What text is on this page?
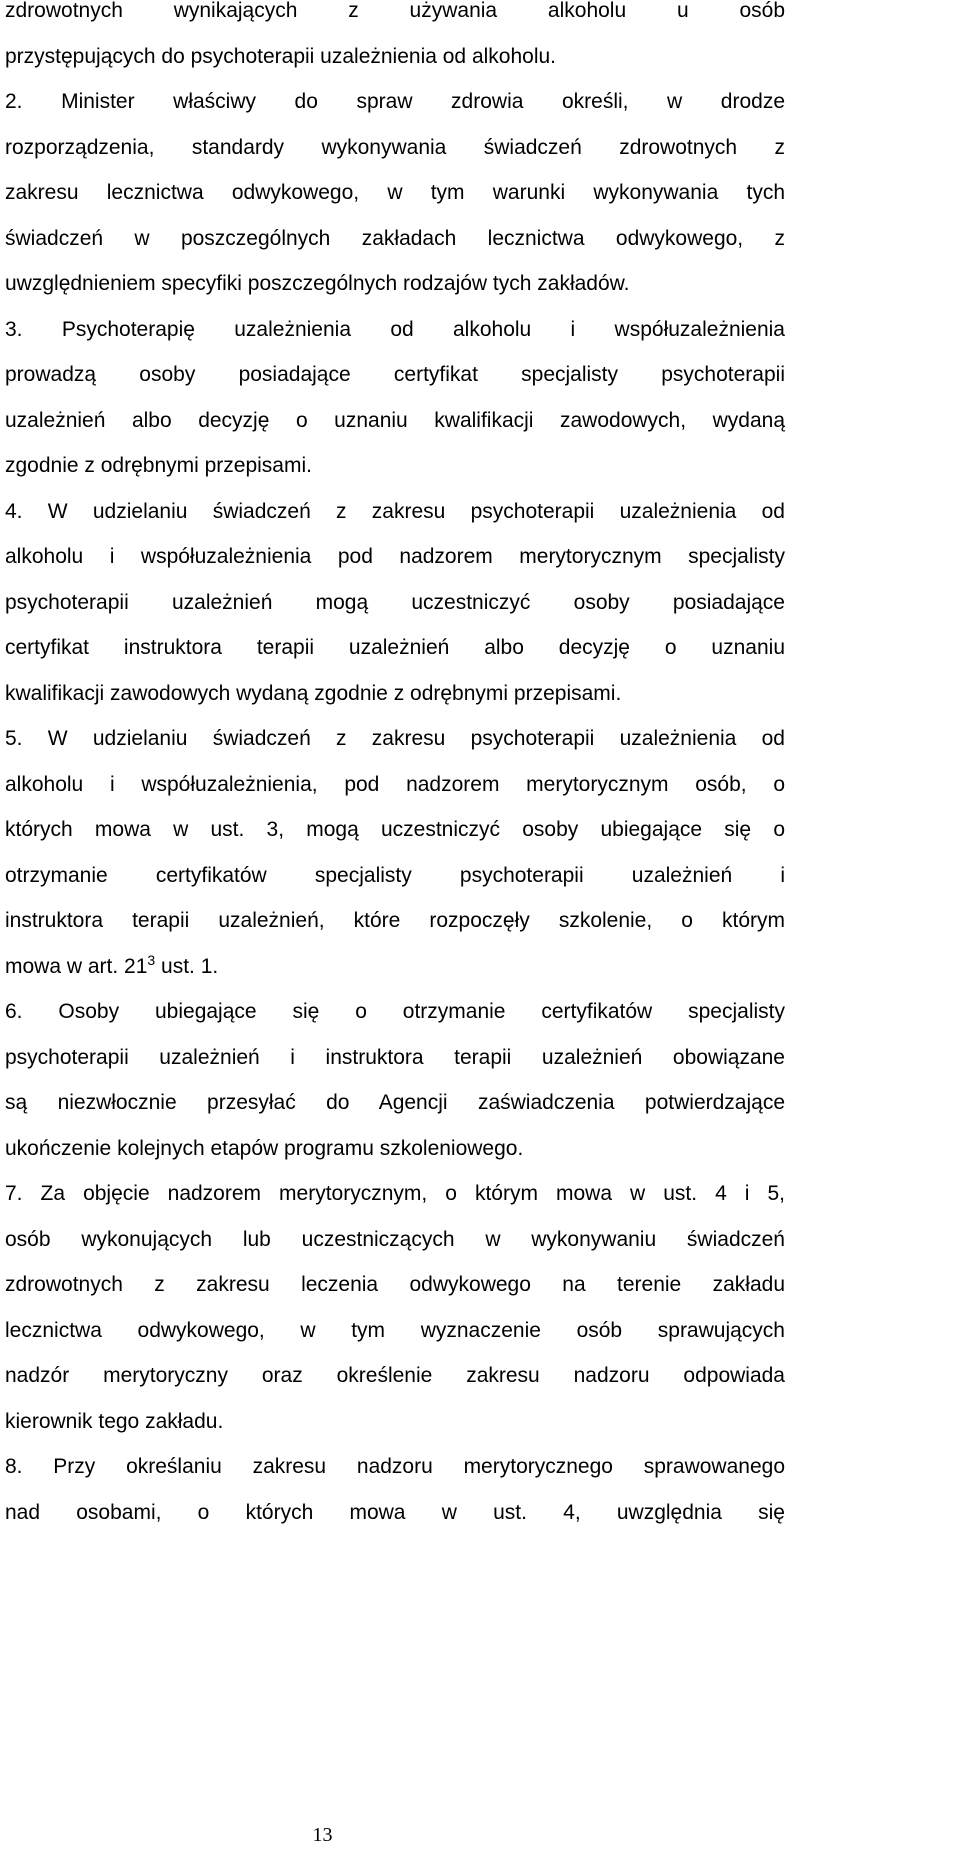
zdrowotnych wynikających z używania alkoholu u osób
przystępujących do psychoterapii uzależnienia od alkoholu.
2. Minister właściwy do spraw zdrowia określi, w drodze
rozporządzenia, standardy wykonywania świadczeń zdrowotnych z
zakresu lecznictwa odwykowego, w tym warunki wykonywania tych
świadczeń w poszczególnych zakładach lecznictwa odwykowego, z
uwzględnieniem specyfiki poszczególnych rodzajów tych zakładów.
3. Psychoterapię uzależnienia od alkoholu i współuzależnienia
prowadzą osoby posiadające certyfikat specjalisty psychoterapii
uzależnień albo decyzję o uznaniu kwalifikacji zawodowych, wydaną
zgodnie z odrębnymi przepisami.
4. W udzielaniu świadczeń z zakresu psychoterapii uzależnienia od
alkoholu i współuzależnienia pod nadzorem merytorycznym specjalisty
psychoterapii uzależnień mogą uczestniczyć osoby posiadające
certyfikat instruktora terapii uzależnień albo decyzję o uznaniu
kwalifikacji zawodowych wydaną zgodnie z odrębnymi przepisami.
5. W udzielaniu świadczeń z zakresu psychoterapii uzależnienia od
alkoholu i współuzależnienia, pod nadzorem merytorycznym osób, o
których mowa w ust. 3, mogą uczestniczyć osoby ubiegające się o
otrzymanie certyfikatów specjalisty psychoterapii uzależnień i
instruktora terapii uzależnień, które rozpoczęły szkolenie, o którym
mowa w art. $21^3$ ust. 1.
6. Osoby ubiegające się o otrzymanie certyfikatów specjalisty
psychoterapii uzależnień i instruktora terapii uzależnień obowiązane
są niezwłocznie przesyłać do Agencji zaświadczenia potwierdzające
ukończenie kolejnych etapów programu szkoleniowego.
7. Za objęcie nadzorem merytorycznym, o którym mowa w ust. 4 i 5,
osób wykonujących lub uczestniczących w wykonywaniu świadczeń
zdrowotnych z zakresu leczenia odwykowego na terenie zakładu
lecznictwa odwykowego, w tym wyznaczenie osób sprawujących
nadzór merytoryczny oraz określenie zakresu nadzoru odpowiada
kierownik tego zakładu.
8. Przy określaniu zakresu nadzoru merytorycznego sprawowanego
nad osobami, o których mowa w ust. 4, uwzględnia się
13
